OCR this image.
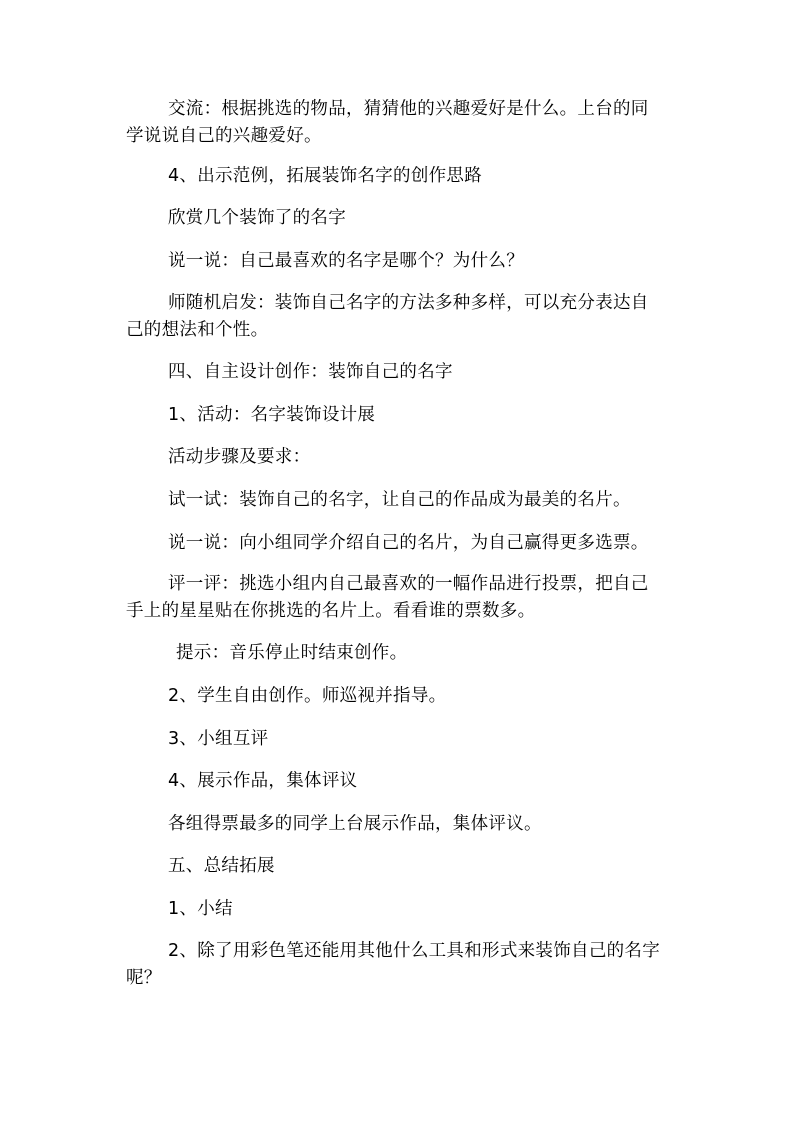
交流：根据挑选的物品，猜猜他的兴趣爱好是什么。上台的同学说说自己的兴趣爱好。

4、出示范例，拓展装饰名字的创作思路

欣赏几个装饰了的名字

说一说：自己最喜欢的名字是哪个？为什么？

师随机启发：装饰自己名字的方法多种多样，可以充分表达自己的想法和个性。

四、自主设计创作：装饰自己的名字

1、活动：名字装饰设计展

活动步骤及要求：

试一试：装饰自己的名字，让自己的作品成为最美的名片。

说一说：向小组同学介绍自己的名片，为自己赢得更多选票。

评一评：挑选小组内自己最喜欢的一幅作品进行投票，把自己手上的星星贴在你挑选的名片上。看看谁的票数多。

提示：音乐停止时结束创作。

2、学生自由创作。师巡视并指导。

3、小组互评

4、展示作品，集体评议

各组得票最多的同学上台展示作品，集体评议。

五、总结拓展

1、小结

2、除了用彩色笔还能用其他什么工具和形式来装饰自己的名字呢？
